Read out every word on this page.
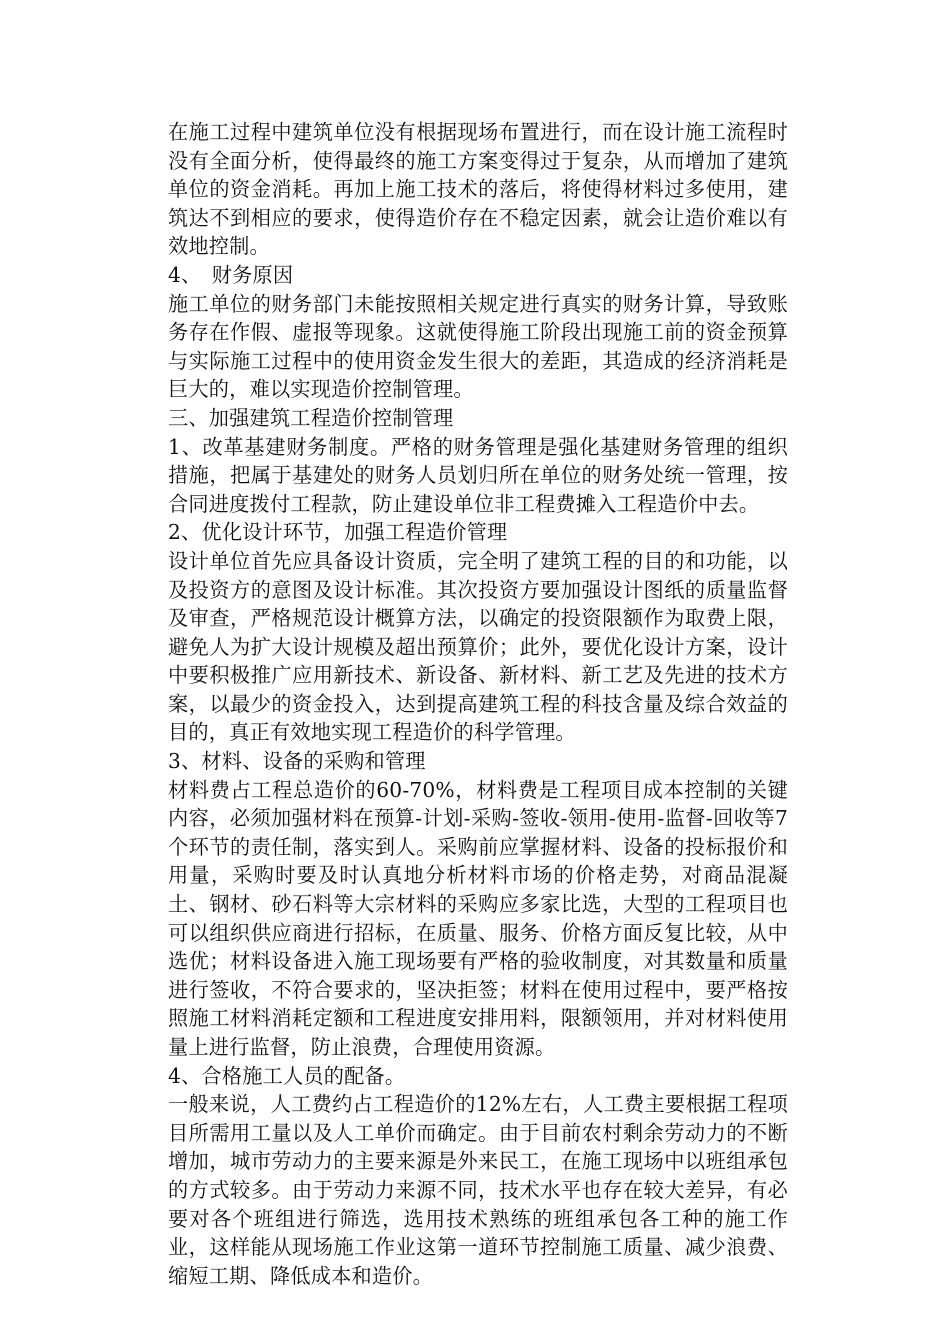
在施工过程中建筑单位没有根据现场布置进行，而在设计施工流程时没有全面分析，使得最终的施工方案变得过于复杂，从而增加了建筑单位的资金消耗。再加上施工技术的落后，将使得材料过多使用，建筑达不到相应的要求，使得造价存在不稳定因素，就会让造价难以有效地控制。

4、　财务原因

施工单位的财务部门未能按照相关规定进行真实的财务计算，导致账务存在作假、虚报等现象。这就使得施工阶段出现施工前的资金预算与实际施工过程中的使用资金发生很大的差距，其造成的经济消耗是巨大的，难以实现造价控制管理。

三、加强建筑工程造价控制管理

1、改革基建财务制度。严格的财务管理是强化基建财务管理的组织措施，把属于基建处的财务人员划归所在单位的财务处统一管理，按合同进度拨付工程款，防止建设单位非工程费摊入工程造价中去。

2、优化设计环节，加强工程造价管理

设计单位首先应具备设计资质，完全明了建筑工程的目的和功能，以及投资方的意图及设计标准。其次投资方要加强设计图纸的质量监督及审查，严格规范设计概算方法，以确定的投资限额作为取费上限，避免人为扩大设计规模及超出预算价；此外，要优化设计方案，设计中要积极推广应用新技术、新设备、新材料、新工艺及先进的技术方案，以最少的资金投入，达到提高建筑工程的科技含量及综合效益的目的，真正有效地实现工程造价的科学管理。

3、材料、设备的采购和管理

材料费占工程总造价的60-70%，材料费是工程项目成本控制的关键内容，必须加强材料在预算-计划-采购-签收-领用-使用-监督-回收等7个环节的责任制，落实到人。采购前应掌握材料、设备的投标报价和用量，采购时要及时认真地分析材料市场的价格走势，对商品混凝土、钢材、砂石料等大宗材料的采购应多家比选，大型的工程项目也可以组织供应商进行招标，在质量、服务、价格方面反复比较，从中选优；材料设备进入施工现场要有严格的验收制度，对其数量和质量进行签收，不符合要求的，坚决拒签；材料在使用过程中，要严格按照施工材料消耗定额和工程进度安排用料，限额领用，并对材料使用量上进行监督，防止浪费，合理使用资源。

4、合格施工人员的配备。

一般来说，人工费约占工程造价的12%左右，人工费主要根据工程项目所需用工量以及人工单价而确定。由于目前农村剩余劳动力的不断增加，城市劳动力的主要来源是外来民工，在施工现场中以班组承包的方式较多。由于劳动力来源不同，技术水平也存在较大差异，有必要对各个班组进行筛选，选用技术熟练的班组承包各工种的施工作业，这样能从现场施工作业这第一道环节控制施工质量、减少浪费、缩短工期、降低成本和造价。
